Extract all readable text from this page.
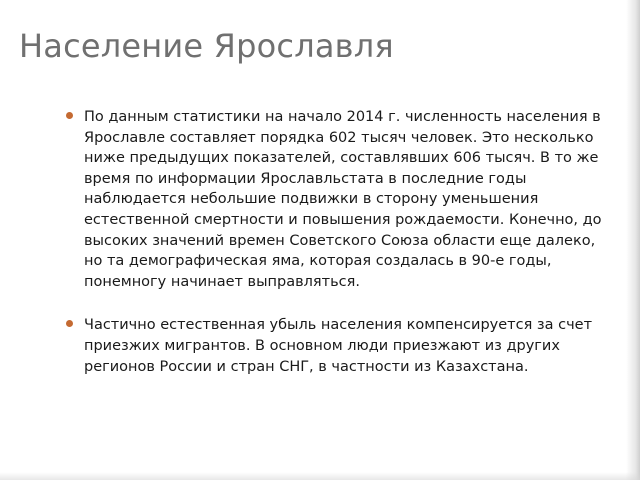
Население Ярославля
По данным статистики на начало 2014 г. численность населения в Ярославле составляет порядка 602 тысяч человек. Это несколько ниже предыдущих показателей, составлявших 606 тысяч. В то же время по информации Ярославльстата в последние годы наблюдается небольшие подвижки в сторону уменьшения естественной смертности и повышения рождаемости. Конечно, до высоких значений времен Советского Союза области еще далеко, но та демографическая яма, которая создалась в 90-е годы, понемногу начинает выправляться.
Частично естественная убыль населения компенсируется за счет приезжих мигрантов. В основном люди приезжают из других регионов России и стран СНГ, в частности из Казахстана.
